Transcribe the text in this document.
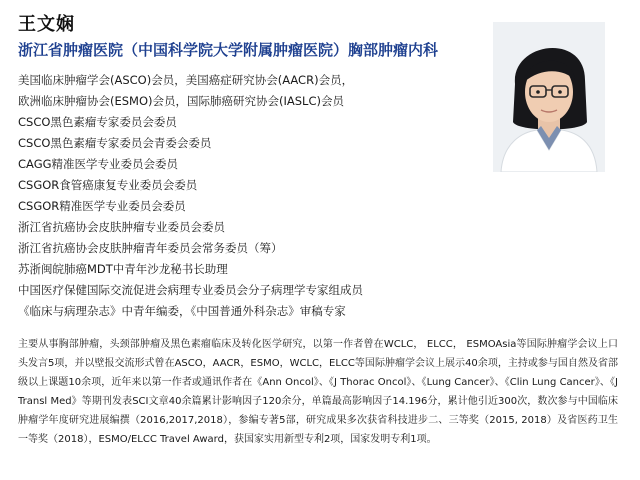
王文娴
浙江省肿瘤医院（中国科学院大学附属肿瘤医院）胸部肿瘤内科
美国临床肿瘤学会(ASCO)会员，美国癌症研究协会(AACR)会员，
欧洲临床肿瘤协会(ESMO)会员，国际肺癌研究协会(IASLC)会员
CSCO黑色素瘤专家委员会委员
CSCO黑色素瘤专家委员会青委会委员
CAGG精准医学专业委员会委员
CSGOR食管癌康复专业委员会委员
CSGOR精准医学专业委员会委员
浙江省抗癌协会皮肤肿瘤专业委员会委员
浙江省抗癌协会皮肤肿瘤青年委员会常务委员（筹）
苏浙闽皖肺癌MDT中青年沙龙秘书长助理
中国医疗保健国际交流促进会病理专业委员会分子病理学专家组成员
《临床与病理杂志》中青年编委，《中国普通外科杂志》审稿专家

主要从事胸部肿瘤，头颈部肿瘤及黑色素瘤临床及转化医学研究，以第一作者曾在WCLC， ELCC， ESMOAsia等国际肿瘤学会议上口头发言5项，并以壁报交流形式曾在ASCO，AACR，ESMO，WCLC，ELCC等国际肿瘤学会议上展示40余项，主持或参与国自然及省部级以上课题10余项，近年来以第一作者或通讯作者在《Ann Oncol》、《J Thorac Oncol》、《Lung Cancer》、《Clin Lung Cancer》、《J Transl Med》等期刊发表SCI文章40余篇累计影响因子120余分，单篇最高影响因子14.196分，累计他引近300次，数次参与中国临床肿瘤学年度研究进展编撰（2016,2017,2018），参编专著5部，研究成果多次获省科技进步二、三等奖（2015, 2018）及省医药卫生一等奖（2018），ESMO/ELCC Travel Award，获国家实用新型专利2项，国家发明专利1项。
